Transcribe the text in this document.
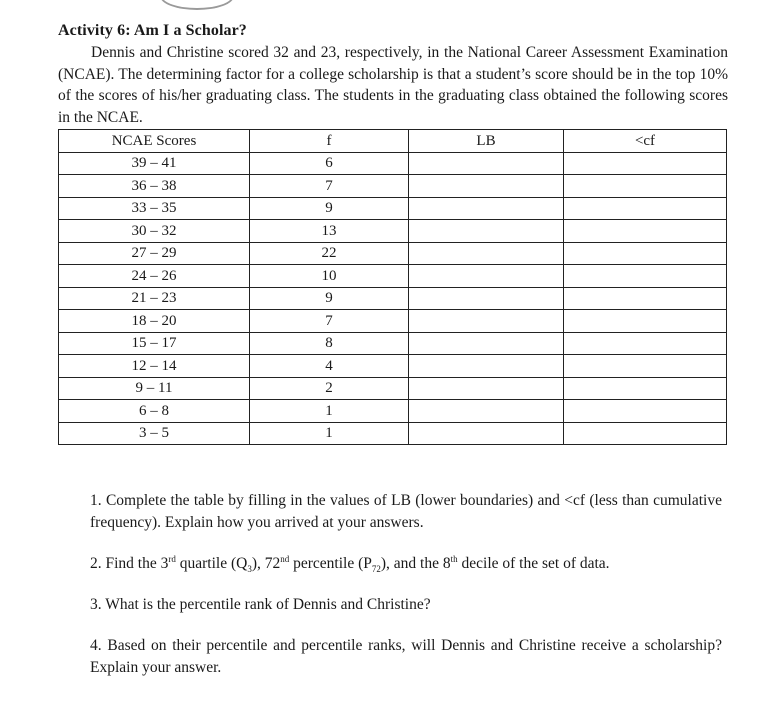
Activity 6: Am I a Scholar?

Dennis and Christine scored 32 and 23, respectively, in the National Career Assessment Examination (NCAE). The determining factor for a college scholarship is that a student’s score should be in the top 10% of the scores of his/her graduating class. The students in the graduating class obtained the following scores in the NCAE.

NCAE Scores	f	LB	<cf
39 – 41	6		
36 – 38	7		
33 – 35	9		
30 – 32	13		
27 – 29	22		
24 – 26	10		
21 – 23	9		
18 – 20	7		
15 – 17	8		
12 – 14	4		
9 – 11	2		
6 – 8	1		
3 – 5	1		

1. Complete the table by filling in the values of LB (lower boundaries) and <cf (less than cumulative frequency). Explain how you arrived at your answers.

2. Find the 3rd quartile $(Q_3)$, 72nd percentile $(P_{72})$, and the 8th decile of the set of data.

3. What is the percentile rank of Dennis and Christine?

4. Based on their percentile and percentile ranks, will Dennis and Christine receive a scholarship? Explain your answer.
